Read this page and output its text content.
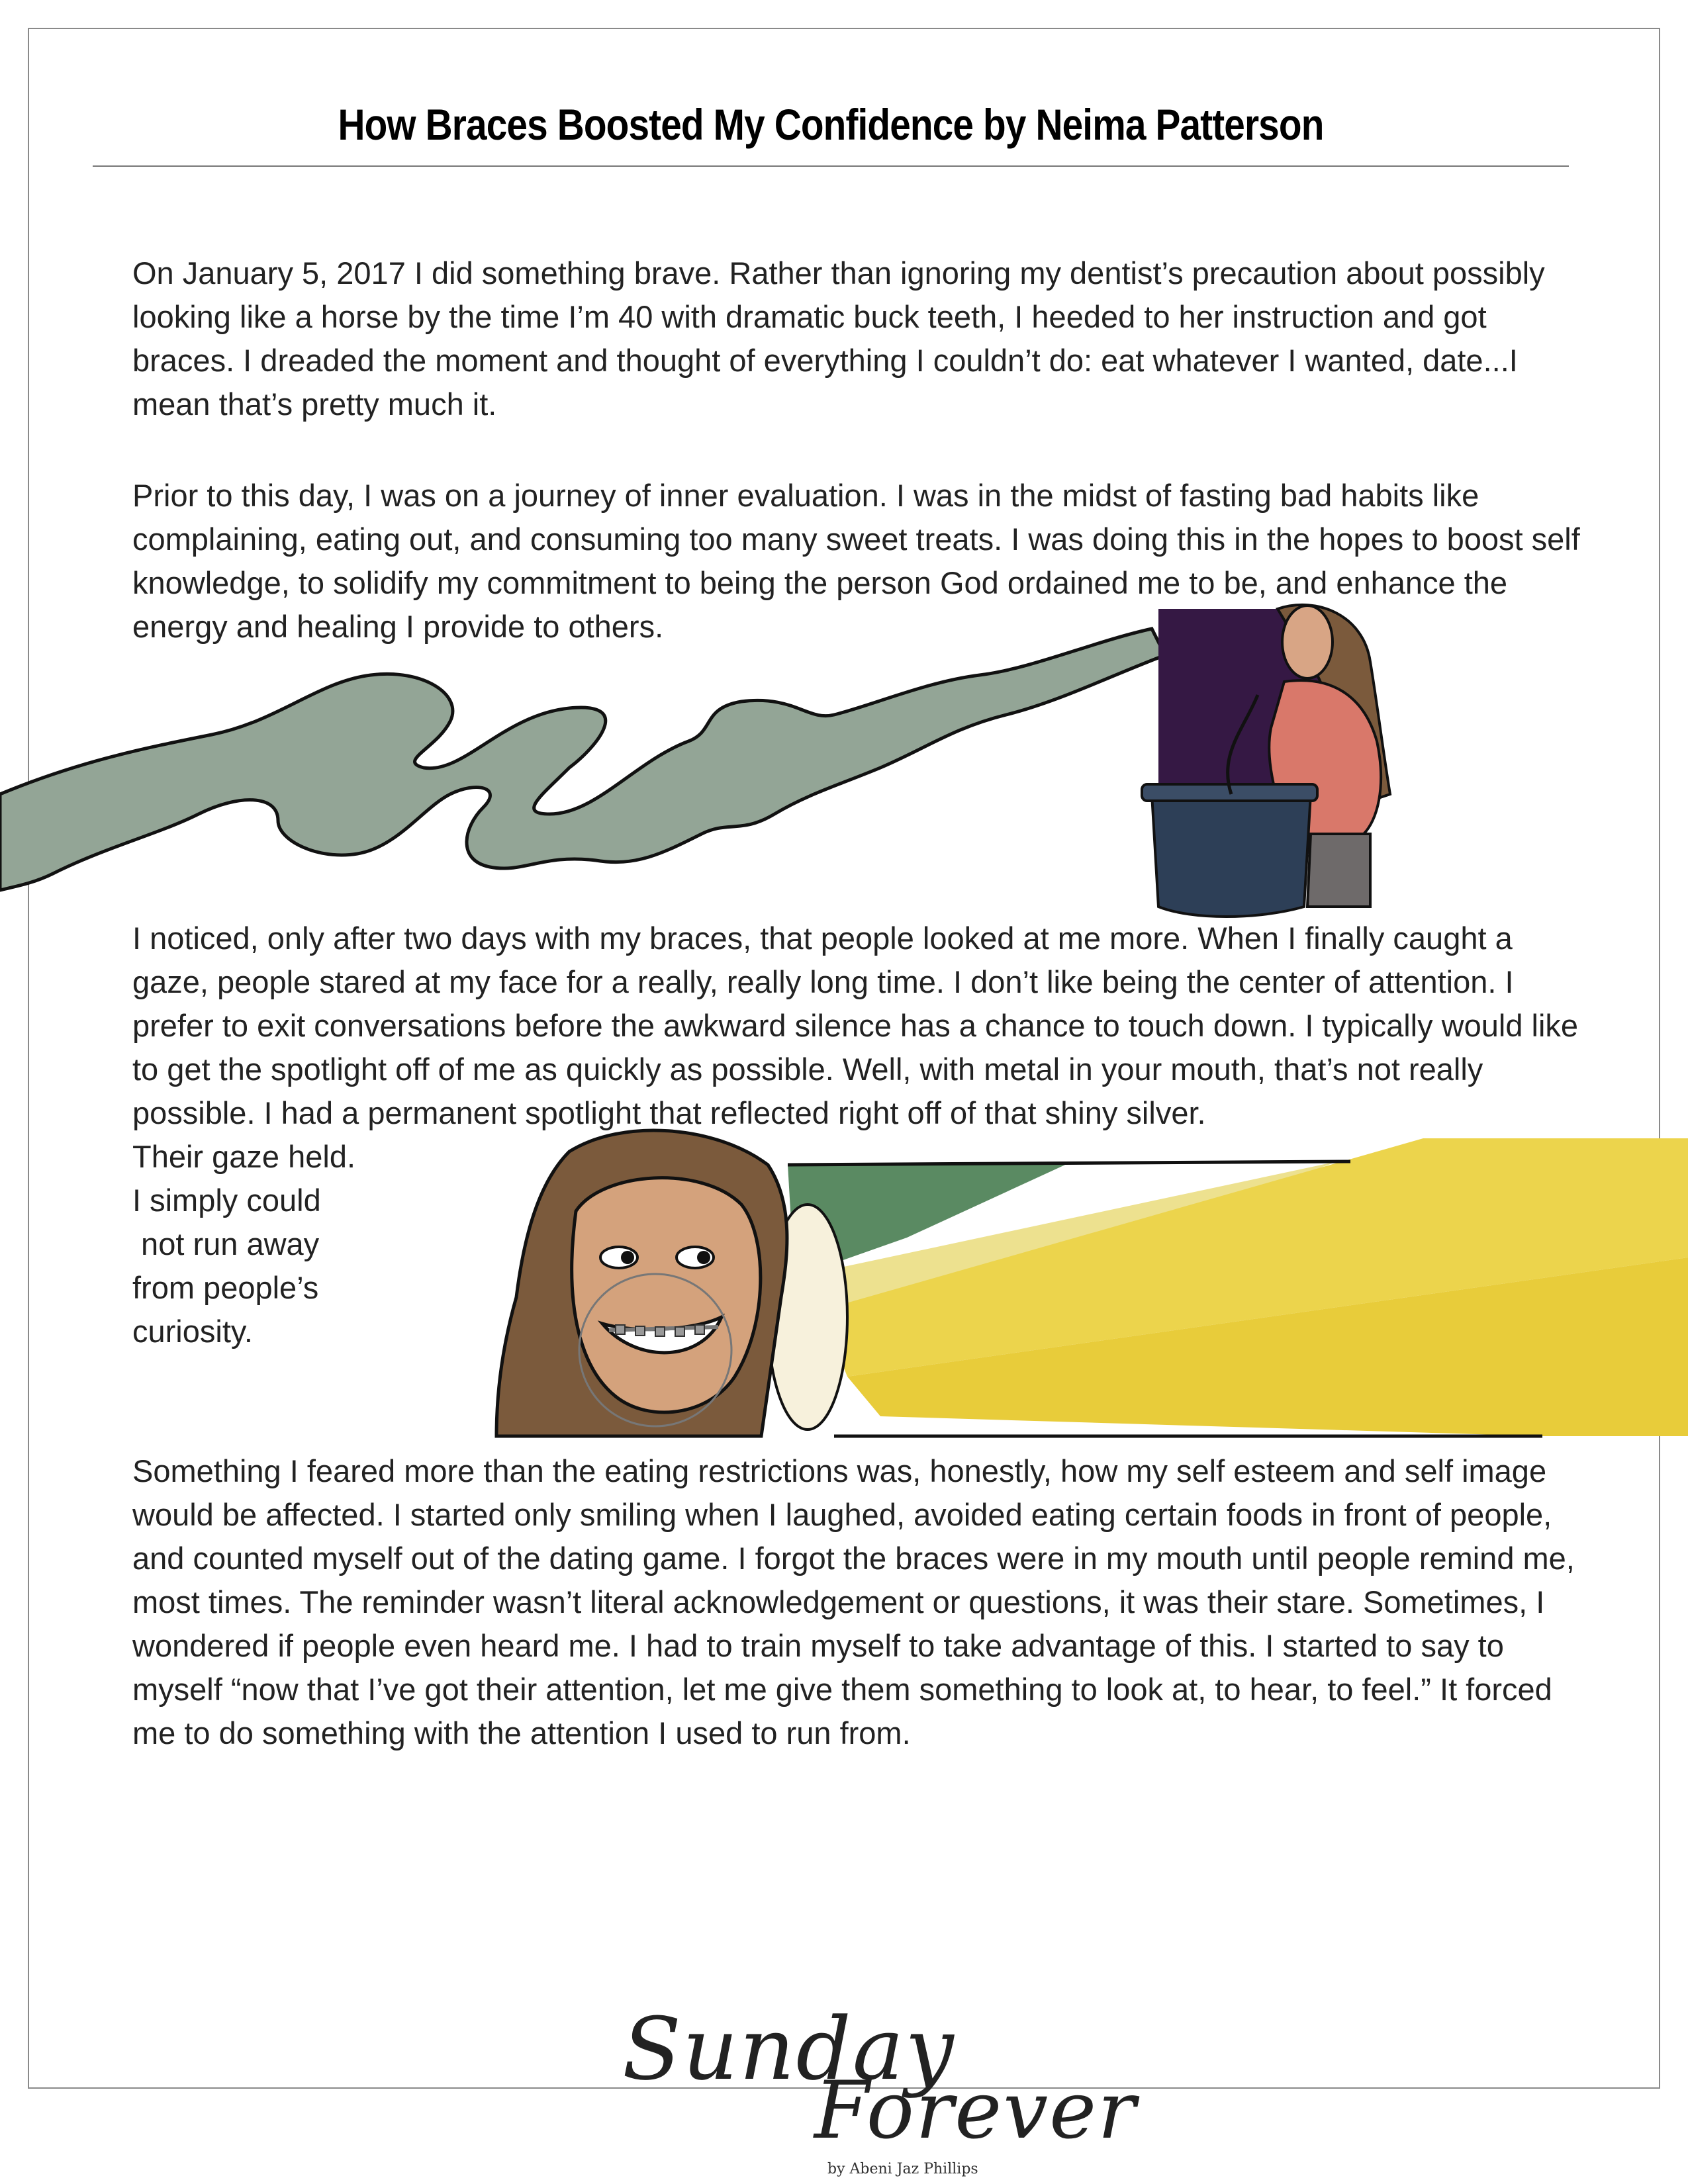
How Braces Boosted My Confidence by Neima Patterson

On January 5, 2017 I did something brave. Rather than ignoring my dentist’s precaution about possibly looking like a horse by the time I’m 40 with dramatic buck teeth, I heeded to her instruction and got braces. I dreaded the moment and thought of everything I couldn’t do: eat whatever I wanted, date...I mean that’s pretty much it.

Prior to this day, I was on a journey of inner evaluation. I was in the midst of fasting bad habits like complaining, eating out, and consuming too many sweet treats. I was doing this in the hopes to boost self knowledge, to solidify my commitment to being the person God ordained me to be, and enhance the energy and healing I provide to others.

I noticed, only after two days with my braces, that people looked at me more. When I finally caught a gaze, people stared at my face for a really, really long time. I don’t like being the center of attention. I prefer to exit conversations before the awkward silence has a chance to touch down. I typically would like to get the spotlight off of me as quickly as possible. Well, with metal in your mouth, that’s not really possible. I had a permanent spotlight that reflected right off of that shiny silver.
Their gaze held.
I simply could
not run away
from people’s
curiosity.

Something I feared more than the eating restrictions was, honestly, how my self esteem and self image would be affected. I started only smiling when I laughed, avoided eating certain foods in front of people, and counted myself out of the dating game. I forgot the braces were in my mouth until people remind me, most times. The reminder wasn’t literal acknowledgement or questions, it was their stare. Sometimes, I wondered if people even heard me. I had to train myself to take advantage of this. I started to say to myself “now that I’ve got their attention, let me give them something to look at, to hear, to feel.” It forced me to do something with the attention I used to run from.

Sunday
Forever
by Abeni Jaz Phillips
